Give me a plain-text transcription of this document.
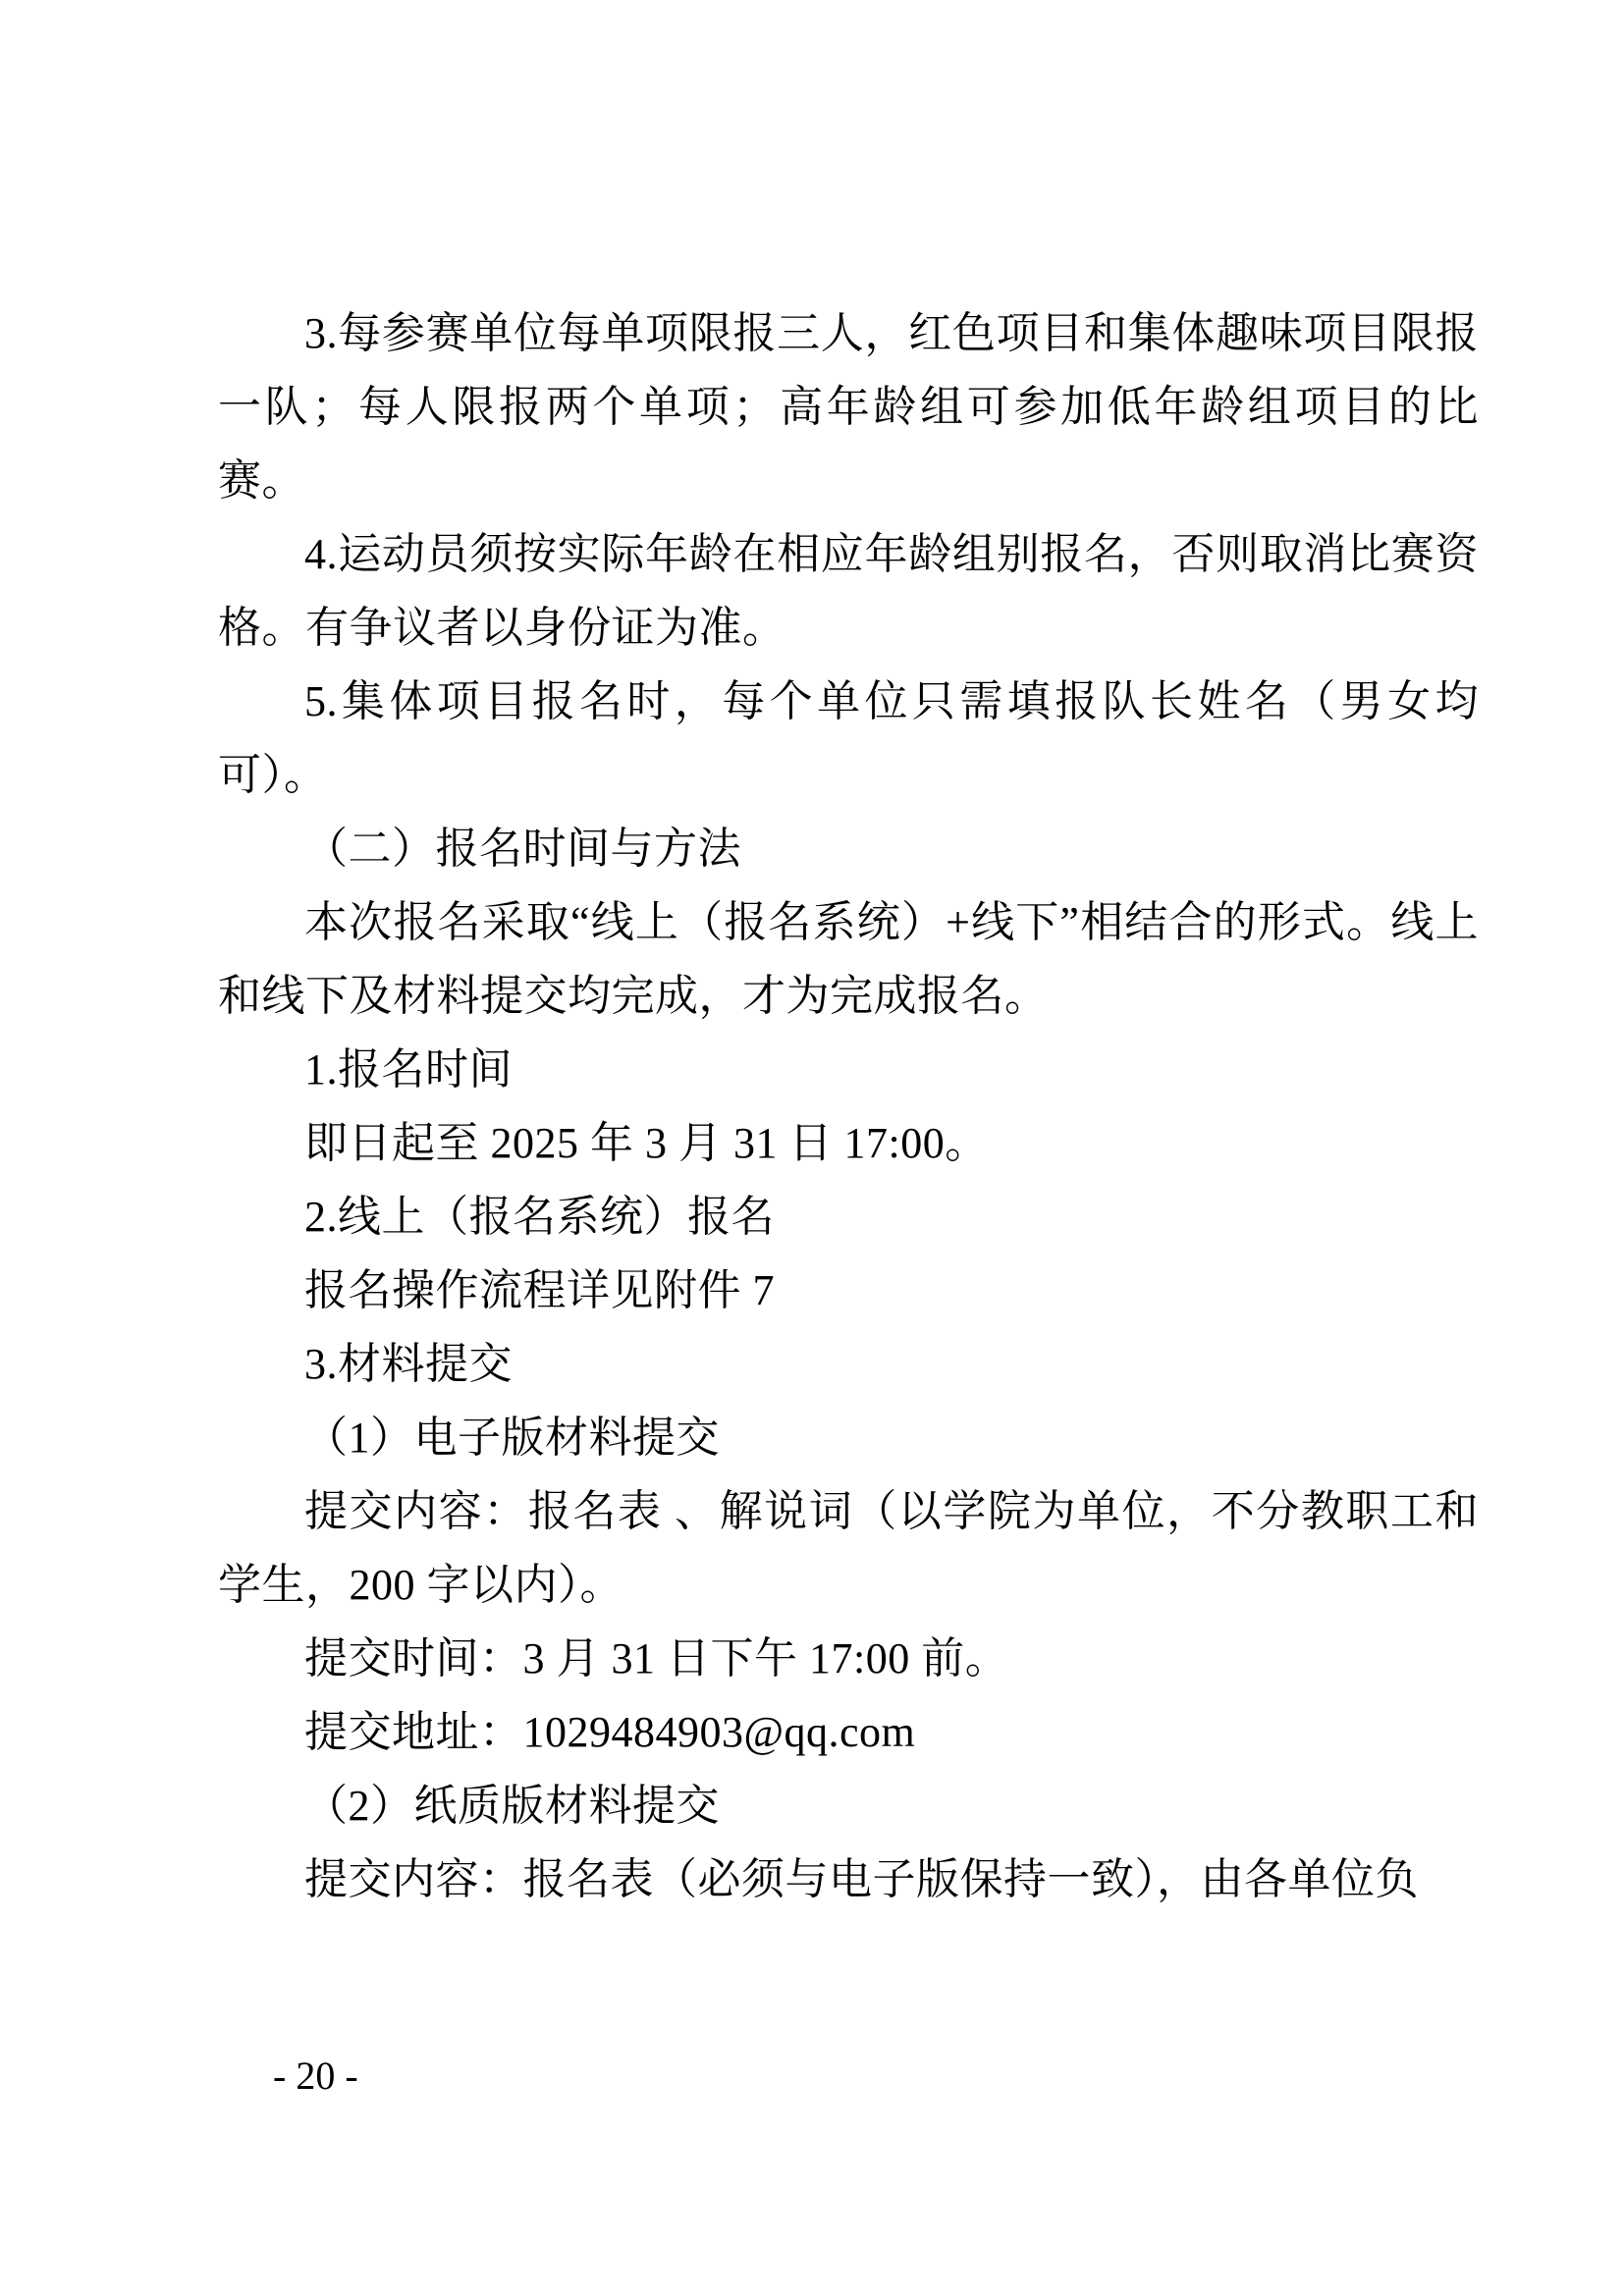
3.每参赛单位每单项限报三人，红色项目和集体趣味项目限报一队；每人限报两个单项；高年龄组可参加低年龄组项目的比赛。

4.运动员须按实际年龄在相应年龄组别报名，否则取消比赛资格。有争议者以身份证为准。

5.集体项目报名时，每个单位只需填报队长姓名（男女均可）。

（二）报名时间与方法

本次报名采取“线上（报名系统）+线下”相结合的形式。线上和线下及材料提交均完成，才为完成报名。

1.报名时间

即日起至 2025 年 3 月 31 日 17:00。

2.线上（报名系统）报名

报名操作流程详见附件 7

3.材料提交

（1）电子版材料提交

提交内容：报名表 、解说词（以学院为单位，不分教职工和学生，200 字以内）。

提交时间：3 月 31 日下午 17:00 前。

提交地址：1029484903@qq.com

（2）纸质版材料提交

提交内容：报名表（必须与电子版保持一致），由各单位负

- 20 -
